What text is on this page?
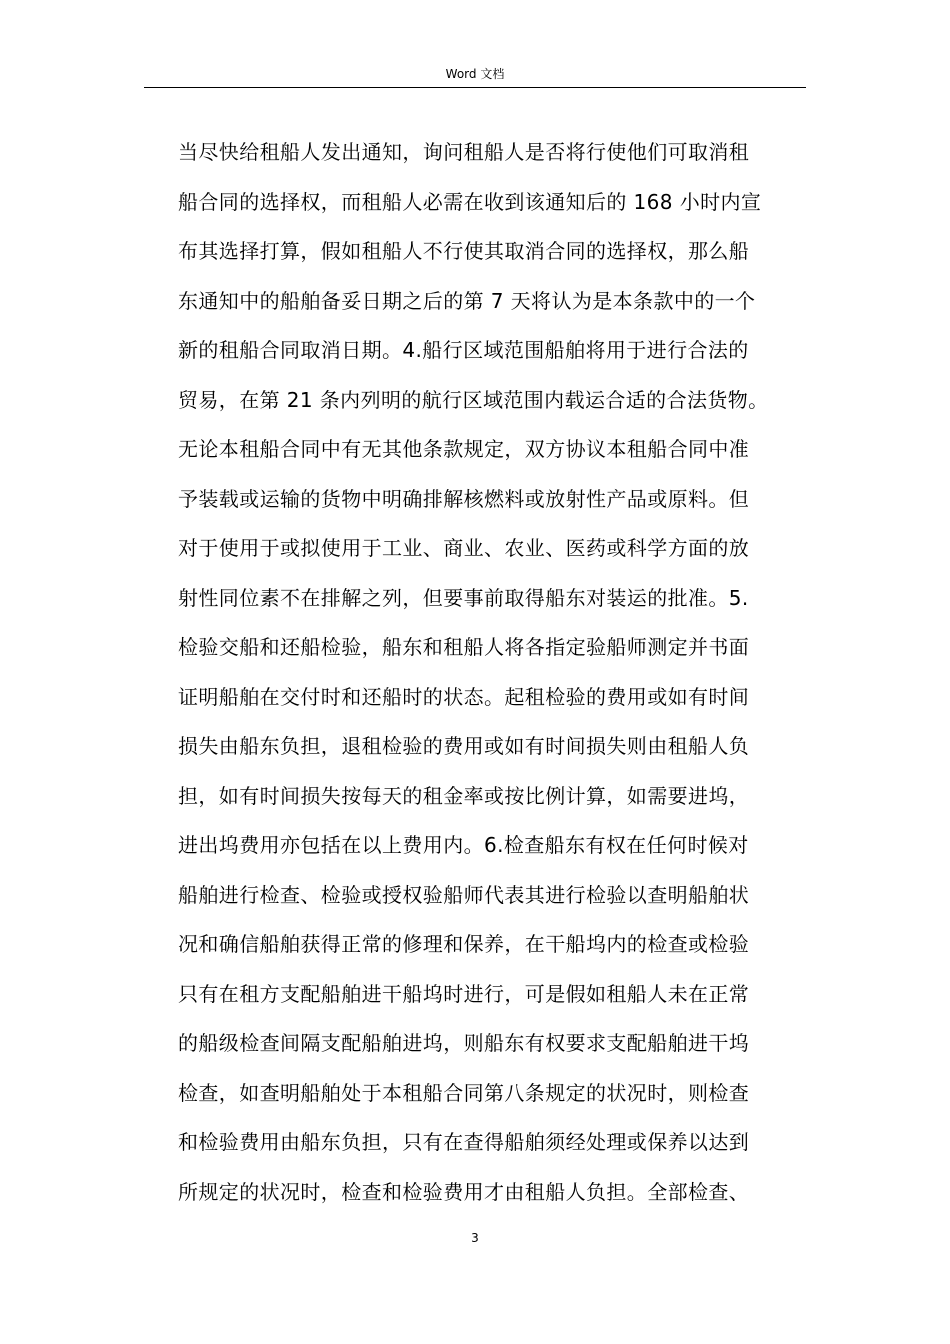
Word 文档
当尽快给租船人发出通知，询问租船人是否将行使他们可取消租
船合同的选择权，而租船人必需在收到该通知后的 168 小时内宣
布其选择打算，假如租船人不行使其取消合同的选择权，那么船
东通知中的船舶备妥日期之后的第 7 天将认为是本条款中的一个
新的租船合同取消日期。4.船行区域范围船舶将用于进行合法的
贸易，在第 21 条内列明的航行区域范围内载运合适的合法货物。
无论本租船合同中有无其他条款规定，双方协议本租船合同中准
予装载或运输的货物中明确排解核燃料或放射性产品或原料。但
对于使用于或拟使用于工业、商业、农业、医药或科学方面的放
射性同位素不在排解之列，但要事前取得船东对装运的批准。5.
检验交船和还船检验，船东和租船人将各指定验船师测定并书面
证明船舶在交付时和还船时的状态。起租检验的费用或如有时间
损失由船东负担，退租检验的费用或如有时间损失则由租船人负
担，如有时间损失按每天的租金率或按比例计算，如需要进坞，
进出坞费用亦包括在以上费用内。6.检查船东有权在任何时候对
船舶进行检查、检验或授权验船师代表其进行检验以查明船舶状
况和确信船舶获得正常的修理和保养，在干船坞内的检查或检验
只有在租方支配船舶进干船坞时进行，可是假如租船人未在正常
的船级检查间隔支配船舶进坞，则船东有权要求支配船舶进干坞
检查，如查明船舶处于本租船合同第八条规定的状况时，则检查
和检验费用由船东负担，只有在查得船舶须经处理或保养以达到
所规定的状况时，检查和检验费用才由租船人负担。全部检查、
3
